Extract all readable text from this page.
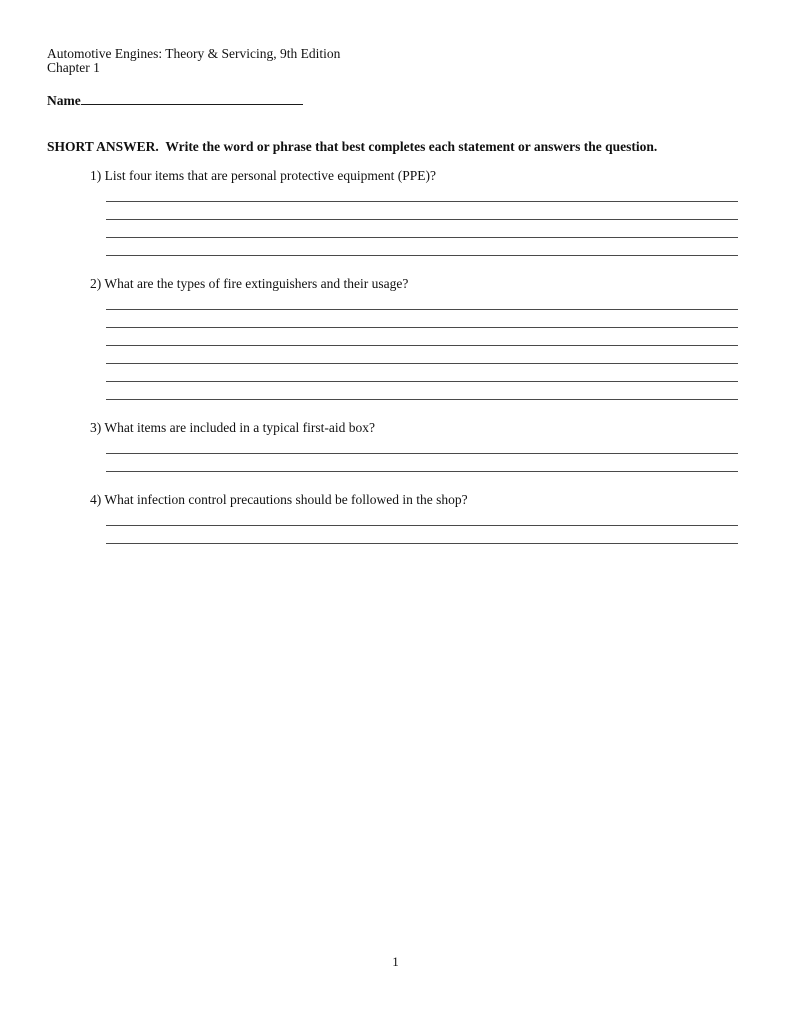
Automotive Engines: Theory & Servicing, 9th Edition
Chapter 1
Name

SHORT ANSWER.  Write the word or phrase that best completes each statement or answers the question.

1) List four items that are personal protective equipment (PPE)?

2) What are the types of fire extinguishers and their usage?

3) What items are included in a typical first-aid box?

4) What infection control precautions should be followed in the shop?

1
